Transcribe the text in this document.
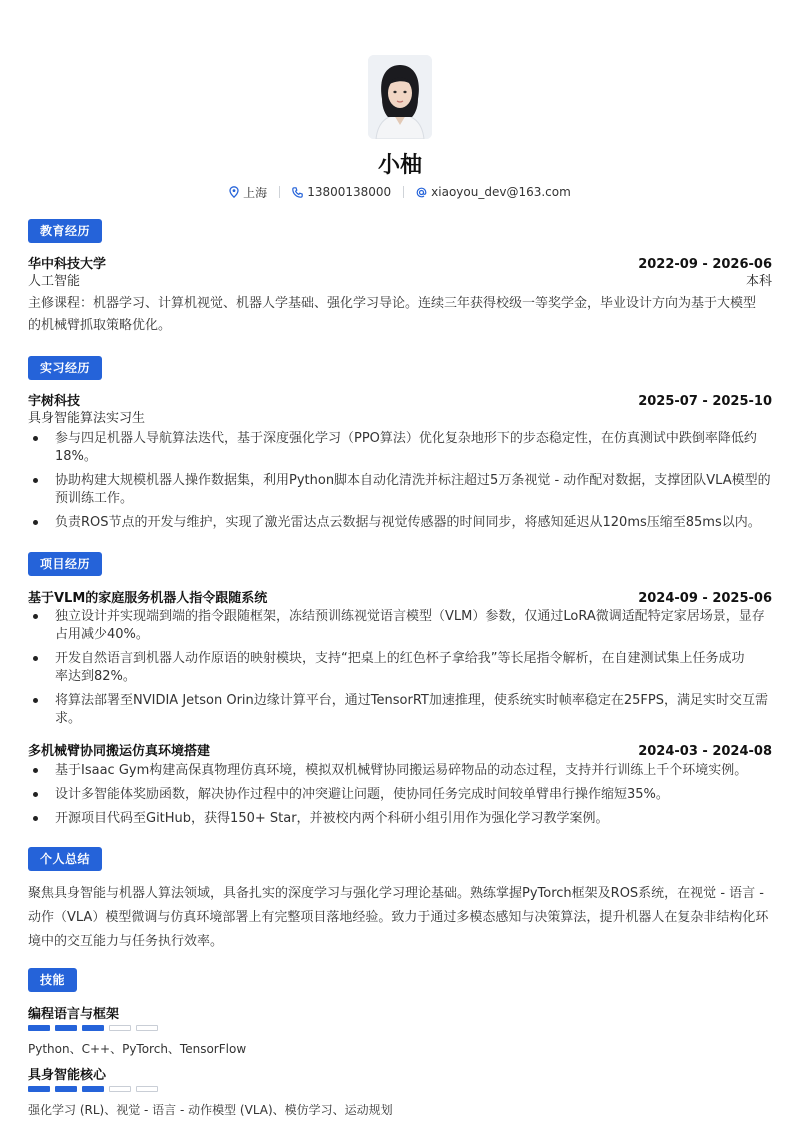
小柚
上海	13800138000	xiaoyou_dev@163.com
教育经历
华中科技大学	2022-09 - 2026-06
人工智能	本科
主修课程：机器学习、计算机视觉、机器人学基础、强化学习导论。连续三年获得校级一等奖学金，毕业设计方向为基于大模型
的机械臂抓取策略优化。
实习经历
宇树科技	2025-07 - 2025-10
具身智能算法实习生
参与四足机器人导航算法迭代，基于深度强化学习（PPO算法）优化复杂地形下的步态稳定性，在仿真测试中跌倒率降低约
18%。
协助构建大规模机器人操作数据集，利用Python脚本自动化清洗并标注超过5万条视觉 - 动作配对数据，支撑团队VLA模型的
预训练工作。
负责ROS节点的开发与维护，实现了激光雷达点云数据与视觉传感器的时间同步，将感知延迟从120ms压缩至85ms以内。
项目经历
基于VLM的家庭服务机器人指令跟随系统	2024-09 - 2025-06
独立设计并实现端到端的指令跟随框架，冻结预训练视觉语言模型（VLM）参数，仅通过LoRA微调适配特定家居场景，显存
占用减少40%。
开发自然语言到机器人动作原语的映射模块，支持“把桌上的红色杯子拿给我”等长尾指令解析，在自建测试集上任务成功
率达到82%。
将算法部署至NVIDIA Jetson Orin边缘计算平台，通过TensorRT加速推理，使系统实时帧率稳定在25FPS，满足实时交互需
求。
多机械臂协同搬运仿真环境搭建	2024-03 - 2024-08
基于Isaac Gym构建高保真物理仿真环境，模拟双机械臂协同搬运易碎物品的动态过程，支持并行训练上千个环境实例。
设计多智能体奖励函数，解决协作过程中的冲突避让问题，使协同任务完成时间较单臂串行操作缩短35%。
开源项目代码至GitHub，获得150+ Star，并被校内两个科研小组引用作为强化学习教学案例。
个人总结
聚焦具身智能与机器人算法领域，具备扎实的深度学习与强化学习理论基础。熟练掌握PyTorch框架及ROS系统，在视觉 - 语言 -
动作（VLA）模型微调与仿真环境部署上有完整项目落地经验。致力于通过多模态感知与决策算法，提升机器人在复杂非结构化环
境中的交互能力与任务执行效率。
技能
编程语言与框架
Python、C++、PyTorch、TensorFlow
具身智能核心
强化学习 (RL)、视觉 - 语言 - 动作模型 (VLA)、模仿学习、运动规划
